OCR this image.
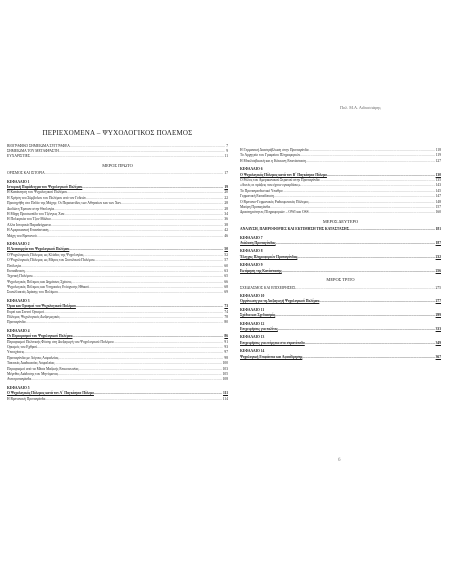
Πολ. Μ.Α. Αιδυσσιάρης
ΠΕΡΙΕΧΟΜΕΝΑ – ΨΥΧΟΛΟΓΙΚΟΣ ΠΟΛΕΜΟΣ
ΒΙΟΓΡΑΦΙΚΟ ΣΗΜΕΙΩΜΑ ΣΥΓΓΡΑΦΕΑ .....	7
ΣΗΜΕΙΩΜΑ ΤΟΥ ΜΕΤΑΦΡΑΣΤΗ .....	9
ΕΥΧΑΡΙΣΤΙΕΣ .....	11
ΜΕΡΟΣ ΠΡΩΤΟ
ΟΡΙΣΜΟΣ ΚΑΙ ΙΣΤΟΡΙΑ .....	17
ΚΕΦΑΛΑΙΟ 1
Ιστορική Παράδειγμα του Ψυχολογικού Πολέμου .....	19
Η Κατάκτηση του Ψυχολογικού Πολέμου .....	20
Η Χρήση του Σύμβολου του Πολέμου από τον Γεδεών .....	22
Προσηγήθη στο Πεδίο της Μάχης: Οι Περσιανίδες των Αθηναίων και των Χαν .....	28
Διοδώτη Έρευνα στην Θεολογία .....	28
Η Μάχη Προσκοπίδο του Τζένγκις Χαν .....	34
Η Πολιορκία του Τζον Μάλκο .....	36
Αλλα Ιστορικά Παραδείγματα .....	38
Η Αμερικανική Επανάσταση .....	42
Μάχη του Βρετανού .....	46
ΚΕΦΑΛΑΙΟ 2
Η Λειτουργία του Ψυχολογικού Πολέμου .....	50
Ο Ψυχολογικός Πόλεμος ως Κλάδος της Ψυχολογίας .....	52
Ο Ψυχολογικός Πόλεμος ως Μέρος του Συνολικού Πολέμου .....	57
Πεύλογία .....	60
Εκπαίδευση .....	63
Τεχνική Πολέμου .....	65
Ψυχολογικός Πόλεμος και Δημόσιες Σχέσεις .....	66
Ψυχολογικός Πόλεμος και Υπηρεσίες Ενίσχυσης Ηθικού .....	68
Συναλλακτές Δράσης του Πολέμου .....	69
ΚΕΦΑΛΑΙΟ 3
Όρια και Ορισμοί του Ψυχολογικού Πολέμου .....	73
Ευρεί και Στενοί Ορισμοί .....	74
Πόλεμος Ψυχολογικός Διεξαγωγικός .....	78
Προπαγάνδα .....	80
ΚΕΦΑΛΑΙΟ 4
Οι Περιορισμοί του Ψυχολογικού Πολέμου .....	86
Περιορισμοί Πολιτικής Φύσης στη Διεξαγωγή του Ψυχολογικού Πολέμου .....	91
Ορισμός του Εχθρού .....	93
Υποσχέσεις .....	97
Προπαγάνδα με Λόγους Ασφαλείας .....	98
Τακτικές Διαδικασίες Ασφαλείας .....	100
Περιορισμοί από τα Μέσα Μαζικής Επικοινωνίας .....	103
Μέγεθος Διάδοσης του Μηνύματος .....	105
Αντιπροπαγάνδα .....	108
ΚΕΦΑΛΑΙΟ 5
Ο Ψυχολογικός Πόλεμος κατά τον Α΄ Παγκόσμιο Πόλεμο .....	111
Η Βρετανική Προπαγάνδα .....	114
Η Γερμανική Διαστρέβλωση στην Προπαγάνδα .....	118
Το Αρχηγείο του Γραφείου Πληροφοριών .....	119
Η Μπολσεβικική και η Κόκκινη Επανάσταση .....	127
ΚΕΦΑΛΑΙΟ 6
Ο Ψυχολογικός Πόλεμος κατά τον Β΄ Παγκόσμιο Πόλεμο .....	130
Ο Ρόλος του Αμερικανικού Στρατού στην Προπαγάνδα .....	135
«Αυτές οι πράξεις που έχουν εγκαρδίους» .....	143
Το Προπαγανδιστικό Υπαθρο .....	145
Γερμανική Εκπαίδευση .....	147
Ο Βρετανο-Γερμανικός Ραδιοφωνικός Πόλεμος .....	148
Μαύρη Προπαγάνδα .....	157
Δραστηριότητες Πληροφοριών – OWI και OSS .....	160
ΜΕΡΟΣ ΔΕΥΤΕΡΟ
ΑΝΑΛΥΣΗ, ΠΛΗΡΟΦΟΡΙΕΣ ΚΑΙ ΕΚΤΙΜΗΣΗ ΤΗΣ ΚΑΤΑΣΤΑΣΗΣ .....	181
ΚΕΦΑΛΑΙΟ 7
Ανάλυση Προπαγάνδας .....	187
ΚΕΦΑΛΑΙΟ 8
Έλεγχος Πληροφοριών Προπαγάνδας .....	232
ΚΕΦΑΛΑΙΟ 9
Εκτίμηση της Κατάστασης .....	256
ΜΕΡΟΣ ΤΡΙΤΟ
ΣΧΕΔΙΑΣΜΟΣ ΚΑΙ ΕΠΙΧΕΙΡΗΣΕΙΣ .....	275
ΚΕΦΑΛΑΙΟ 10
Οργάνωση για τη Διεξαγωγή Ψυχολογικού Πολέμου .....	277
ΚΕΦΑΛΑΙΟ 11
Σχέδια και Σχεδιασμός .....	299
ΚΕΦΑΛΑΙΟ 12
Επιχειρήσεις για πολίτες .....	333
ΚΕΦΑΛΑΙΟ 13
Επιχειρήσεις για ενέργεια στο στρατόπεδο .....	349
ΚΕΦΑΛΑΙΟ 14
Ψυχολογική Επιφάνεια και Αφαιίδρησης .....	367
6
